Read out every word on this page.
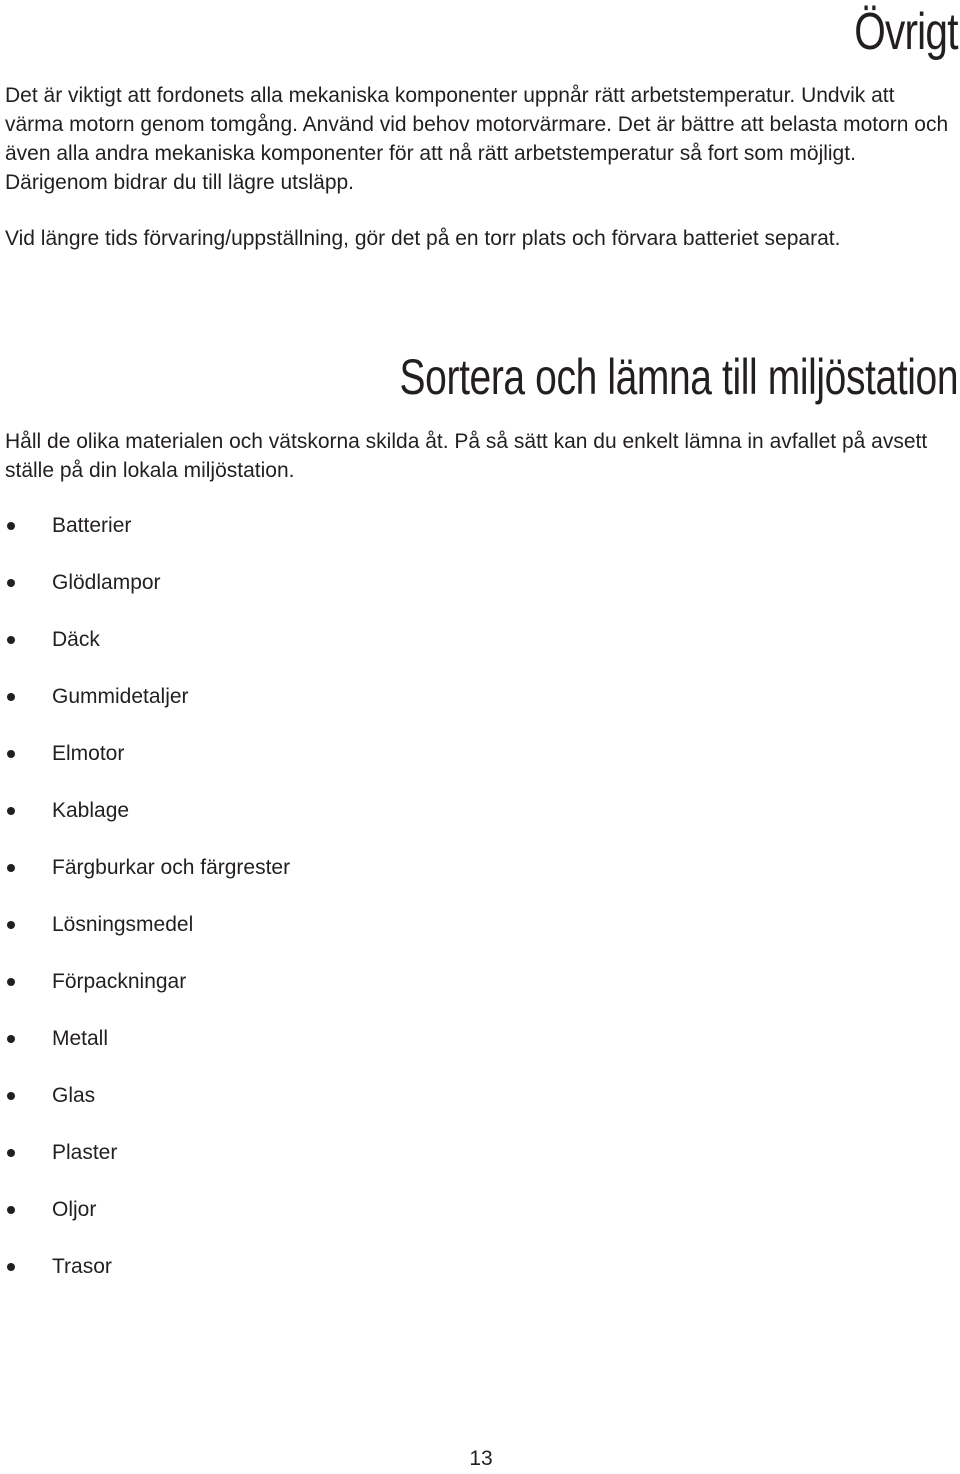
Övrigt

Det är viktigt att fordonets alla mekaniska komponenter uppnår rätt arbetstemperatur. Undvik att värma motorn genom tomgång. Använd vid behov motorvärmare. Det är bättre att belasta motorn och även alla andra mekaniska komponenter för att nå rätt arbetstemperatur så fort som möjligt. Därigenom bidrar du till lägre utsläpp.

Vid längre tids förvaring/uppställning, gör det på en torr plats och förvara batteriet separat.

Sortera och lämna till miljöstation

Håll de olika materialen och vätskorna skilda åt. På så sätt kan du enkelt lämna in avfallet på avsett ställe på din lokala miljöstation.

Batterier
Glödlampor
Däck
Gummidetaljer
Elmotor
Kablage
Färgburkar och färgrester
Lösningsmedel
Förpackningar
Metall
Glas
Plaster
Oljor
Trasor
13
